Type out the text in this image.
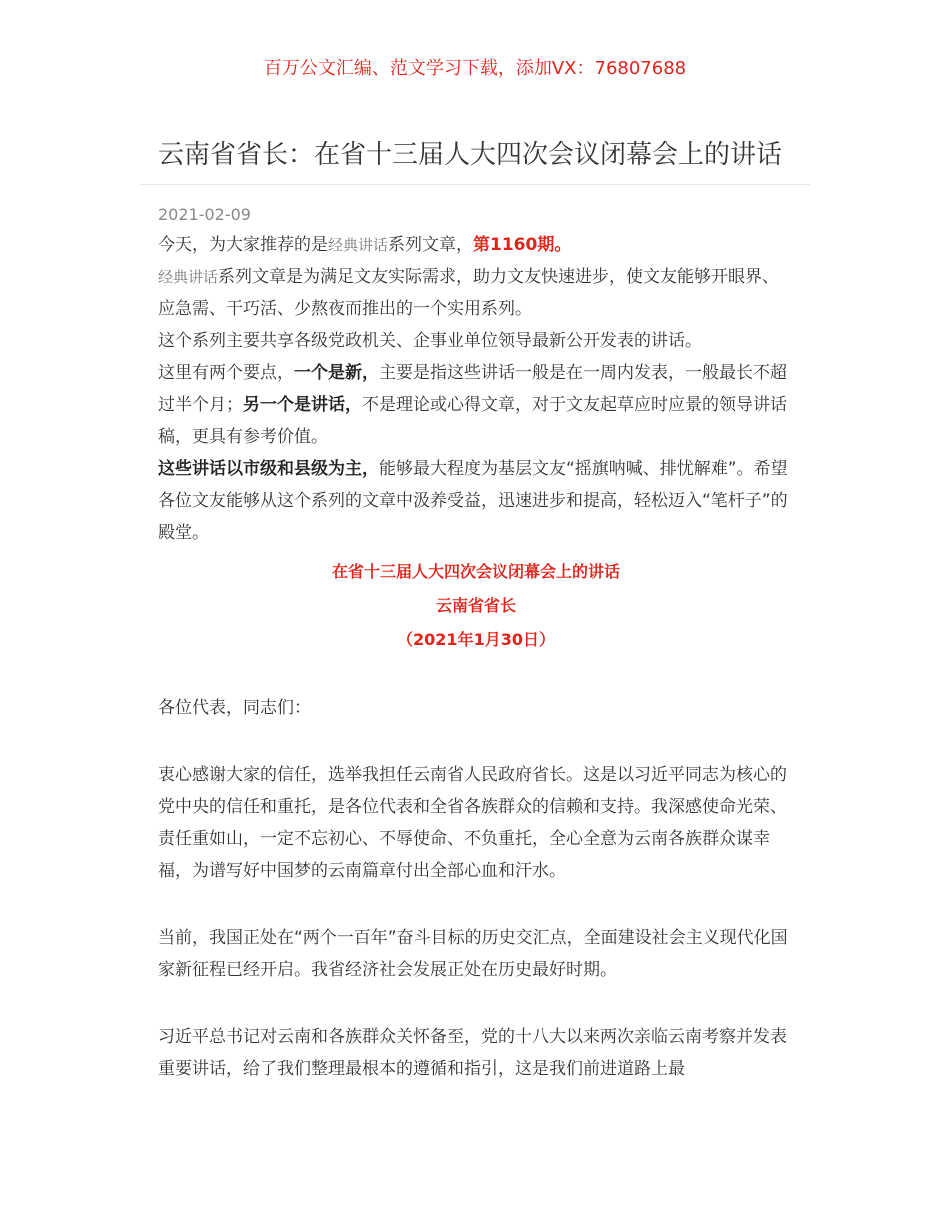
百万公文汇编、范文学习下载，添加VX：76807688
云南省省长：在省十三届人大四次会议闭幕会上的讲话
2021-02-09

今天，为大家推荐的是经典讲话系列文章，第1160期。

经典讲话系列文章是为满足文友实际需求，助力文友快速进步，使文友能够开眼界、应急需、干巧活、少熬夜而推出的一个实用系列。

这个系列主要共享各级党政机关、企事业单位领导最新公开发表的讲话。

这里有两个要点，一个是新，主要是指这些讲话一般是在一周内发表，一般最长不超过半个月；另一个是讲话，不是理论或心得文章，对于文友起草应时应景的领导讲话稿，更具有参考价值。

这些讲话以市级和县级为主，能够最大程度为基层文友“摇旗呐喊、排忧解难”。希望各位文友能够从这个系列的文章中汲养受益，迅速进步和提高，轻松迈入“笔杆子”的殿堂。

在省十三届人大四次会议闭幕会上的讲话
云南省省长
（2021年1月30日）

各位代表，同志们：

衷心感谢大家的信任，选举我担任云南省人民政府省长。这是以习近平同志为核心的党中央的信任和重托，是各位代表和全省各族群众的信赖和支持。我深感使命光荣、责任重如山，一定不忘初心、不辱使命、不负重托，全心全意为云南各族群众谋幸福，为谱写好中国梦的云南篇章付出全部心血和汗水。

当前，我国正处在“两个一百年”奋斗目标的历史交汇点，全面建设社会主义现代化国家新征程已经开启。我省经济社会发展正处在历史最好时期。

习近平总书记对云南和各族群众关怀备至，党的十八大以来两次亲临云南考察并发表重要讲话，给了我们整理最根本的遵循和指引，这是我们前进道路上最
